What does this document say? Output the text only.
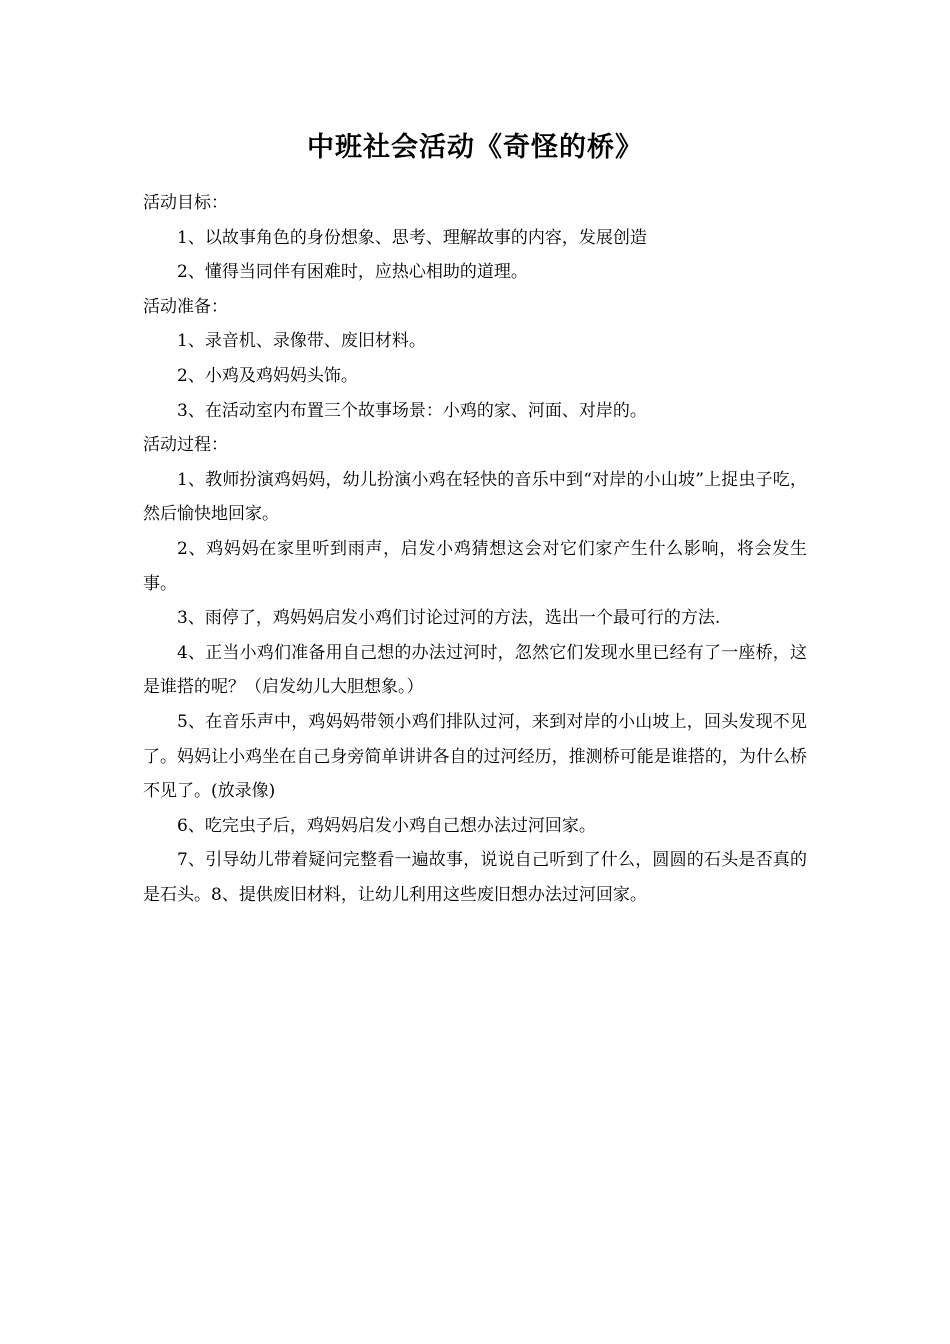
中班社会活动《奇怪的桥》

活动目标：

1、以故事角色的身份想象、思考、理解故事的内容，发展创造

2、懂得当同伴有困难时，应热心相助的道理。

活动准备：

1、录音机、录像带、废旧材料。

2、小鸡及鸡妈妈头饰。

3、在活动室内布置三个故事场景：小鸡的家、河面、对岸的。

活动过程：

1、教师扮演鸡妈妈，幼儿扮演小鸡在轻快的音乐中到“对岸的小山坡”上捉虫子吃，然后愉快地回家。

2、鸡妈妈在家里听到雨声，启发小鸡猜想这会对它们家产生什么影响，将会发生事。

3、雨停了，鸡妈妈启发小鸡们讨论过河的方法，选出一个最可行的方法.

4、正当小鸡们准备用自己想的办法过河时，忽然它们发现水里已经有了一座桥，这是谁搭的呢？（启发幼儿大胆想象。）

5、在音乐声中，鸡妈妈带领小鸡们排队过河，来到对岸的小山坡上，回头发现不见了。妈妈让小鸡坐在自己身旁简单讲讲各自的过河经历，推测桥可能是谁搭的，为什么桥不见了。(放录像)

6、吃完虫子后，鸡妈妈启发小鸡自己想办法过河回家。

7、引导幼儿带着疑问完整看一遍故事，说说自己听到了什么，圆圆的石头是否真的是石头。8、提供废旧材料，让幼儿利用这些废旧想办法过河回家。
